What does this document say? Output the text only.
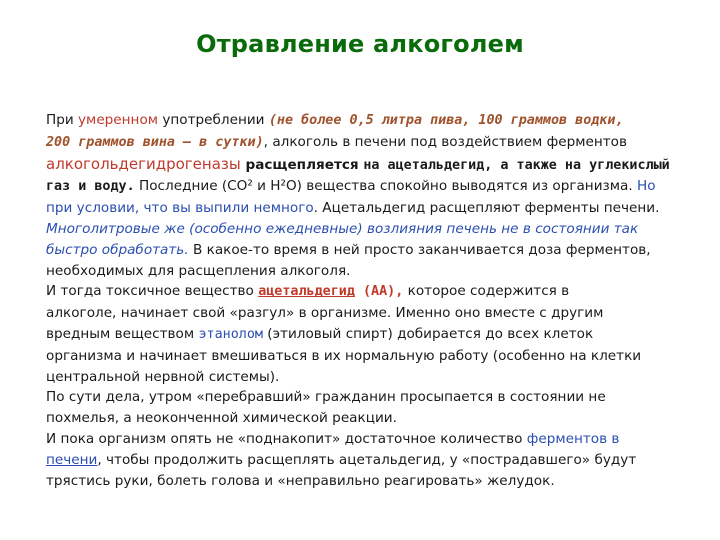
Отравление алкоголем
При умеренном употреблении (не более 0,5 литра пива, 100 граммов водки,
200 граммов вина – в сутки), алкоголь в печени под воздействием ферментов
алкогольдегидрогеназы расщепляется на ацетальдегид, а также на углекислый
газ и воду. Последние (CO² и H²O) вещества спокойно выводятся из организма. Но
при условии, что вы выпили немного. Ацетальдегид расщепляют ферменты печени.
Многолитровые же (особенно ежедневные) возлияния печень не в состоянии так
быстро обработать. В какое-то время в ней просто заканчивается доза ферментов,
необходимых для расщепления алкоголя.
И тогда токсичное вещество ацетальдегид (АА), которое содержится в
алкоголе, начинает свой «разгул» в организме. Именно оно вместе с другим
вредным веществом этанолом (этиловый спирт) добирается до всех клеток
организма и начинает вмешиваться в их нормальную работу (особенно на клетки
центральной нервной системы).
По сути дела, утром «перебравший» гражданин просыпается в состоянии не
похмелья, а неоконченной химической реакции.
И пока организм опять не «поднакопит» достаточное количество ферментов в
печени, чтобы продолжить расщеплять ацетальдегид, у «пострадавшего» будут
трястись руки, болеть голова и «неправильно реагировать» желудок.
